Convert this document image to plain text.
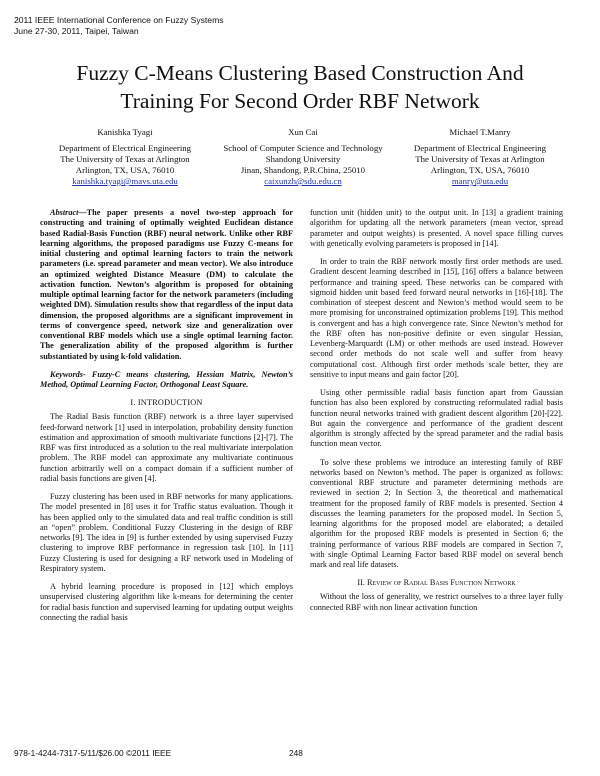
2011 IEEE International Conference on Fuzzy Systems
June 27-30, 2011, Taipei, Taiwan
Fuzzy C-Means Clustering Based Construction And
Training For Second Order RBF Network
Kanishka Tyagi
Department of Electrical Engineering
The University of Texas at Arlington
Arlington, TX, USA, 76010
kanishka.tyagi@mavs.uta.edu
Xun Cai
School of Computer Science and Technology
Shandong University
Jinan, Shandong, P.R.China, 25010
caixunzh@sdu.edu.cn
Michael T.Manry
Department of Electrical Engineering
The University of Texas at Arlington
Arlington, TX, USA, 76010
manry@uta.edu

Abstract—The paper presents a novel two-step approach for constructing and training of optimally weighted Euclidean distance based Radial-Basis Function (RBF) neural network. Unlike other RBF learning algorithms, the proposed paradigms use Fuzzy C-means for initial clustering and optimal learning factors to train the network parameters (i.e. spread parameter and mean vector). We also introduce an optimized weighted Distance Measure (DM) to calculate the activation function. Newton’s algorithm is proposed for obtaining multiple optimal learning factor for the network parameters (including weighted DM). Simulation results show that regardless of the input data dimension, the proposed algorithms are a significant improvement in terms of convergence speed, network size and generalization over conventional RBF models which use a single optimal learning factor. The generalization ability of the proposed algorithm is further substantiated by using k-fold validation.

Keywords- Fuzzy-C means clustering, Hessian Matrix, Newton’s Method, Optimal Learning Factor, Orthogonal Least Square.

I. INTRODUCTION

The Radial Basis function (RBF) network is a three layer supervised feed-forward network [1] used in interpolation, probability density function estimation and approximation of smooth multivariate functions [2]-[7]. The RBF was first introduced as a solution to the real multivariate interpolation problem. The RBF model can approximate any multivariate continuous function arbitrarily well on a compact domain if a sufficient number of radial basis functions are given [4].

Fuzzy clustering has been used in RBF networks for many applications. The model presented in [8] uses it for Traffic status evaluation. Though it has been applied only to the simulated data and real traffic condition is still an “open” problem. Conditional Fuzzy Clustering in the design of RBF networks [9]. The idea in [9] is further extended by using supervised Fuzzy clustering to improve RBF performance in regression task [10]. In [11] Fuzzy Clustering is used for designing a RF network used in Modeling of Respiratory system.

A hybrid learning procedure is proposed in [12] which employs unsupervised clustering algorithm like k-means for determining the center for radial basis function and supervised learning for updating output weights connecting the radial basis

function unit (hidden unit) to the output unit. In [13] a gradient training algorithm for updating all the network parameters (mean vector, spread parameter and output weights) is presented. A novel space filling curves with genetically evolving parameters is proposed in [14].

In order to train the RBF network mostly first order methods are used. Gradient descent learning described in [15], [16] offers a balance between performance and training speed. These networks can be compared with sigmoid hidden unit based feed forward neural networks in [16]-[18]. The combination of steepest descent and Newton’s method would seem to be more promising for unconstrained optimization problems [19]. This method is convergent and has a high convergence rate. Since Newton’s method for the RBF often has non-positive definite or even singular Hessian, Levenberg-Marquardt (LM) or other methods are used instead. However second order methods do not scale well and suffer from heavy computational cost. Although first order methods scale better, they are sensitive to input means and gain factor [20].

Using other permissible radial basis function apart from Gaussian function has also been explored by constructing reformulated radial basis function neural networks trained with gradient descent algorithm [20]-[22]. But again the convergence and performance of the gradient descent algorithm is strongly affected by the spread parameter and the radial basis function mean vector.

To solve these problems we introduce an interesting family of RBF networks based on Newton’s method. The paper is organized as follows: conventional RBF structure and parameter determining methods are reviewed in section 2; In Section 3, the theoretical and mathematical treatment for the proposed family of RBF models is presented. Section 4 discusses the learning parameters for the proposed model. In Section 5, learning algorithms for the proposed model are elaborated; a detailed algorithm for the proposed RBF models is presented in Section 6; the training performance of various RBF models are compared in Section 7, with single Optimal Learning Factor based RBF model on several bench mark and real life datasets.

II. Review of Radial Basis Function Network

Without the loss of generality, we restrict ourselves to a three layer fully connected RBF with non linear activation function

978-1-4244-7317-5/11/$26.00 ©2011 IEEE	248
